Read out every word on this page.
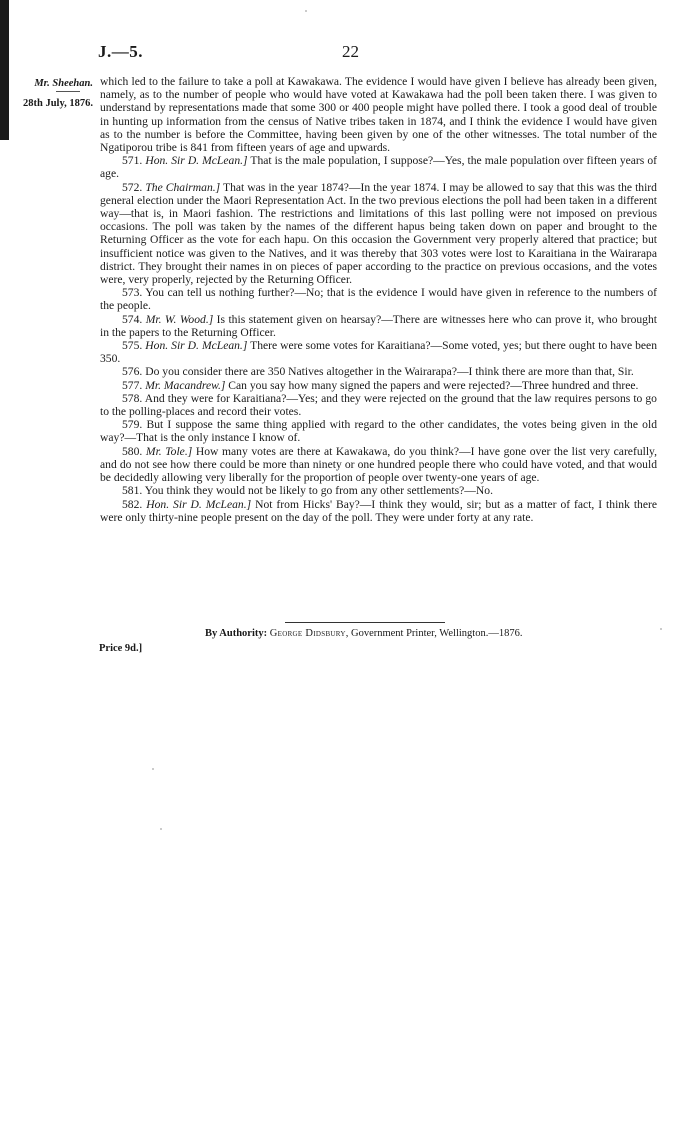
J.—5.	22
Mr. Sheehan.
28th July, 1876.

which led to the failure to take a poll at Kawakawa. The evidence I would have given I believe has already been given, namely, as to the number of people who would have voted at Kawakawa had the poll been taken there. I was given to understand by representations made that some 300 or 400 people might have polled there. I took a good deal of trouble in hunting up information from the census of Native tribes taken in 1874, and I think the evidence I would have given as to the number is before the Committee, having been given by one of the other witnesses. The total number of the Ngatiporou tribe is 841 from fifteen years of age and upwards.

571. Hon. Sir D. McLean.] That is the male population, I suppose?—Yes, the male population over fifteen years of age.

572. The Chairman.] That was in the year 1874?—In the year 1874. I may be allowed to say that this was the third general election under the Maori Representation Act. In the two previous elections the poll had been taken in a different way—that is, in Maori fashion. The restrictions and limitations of this last polling were not imposed on previous occasions. The poll was taken by the names of the different hapus being taken down on paper and brought to the Returning Officer as the vote for each hapu. On this occasion the Government very properly altered that practice; but insufficient notice was given to the Natives, and it was thereby that 303 votes were lost to Karaitiana in the Wairarapa district. They brought their names in on pieces of paper according to the practice on previous occasions, and the votes were, very properly, rejected by the Returning Officer.

573. You can tell us nothing further?—No; that is the evidence I would have given in reference to the numbers of the people.

574. Mr. W. Wood.] Is this statement given on hearsay?—There are witnesses here who can prove it, who brought in the papers to the Returning Officer.

575. Hon. Sir D. McLean.] There were some votes for Karaitiana?—Some voted, yes; but there ought to have been 350.

576. Do you consider there are 350 Natives altogether in the Wairarapa?—I think there are more than that, Sir.

577. Mr. Macandrew.] Can you say how many signed the papers and were rejected?—Three hundred and three.

578. And they were for Karaitiana?—Yes; and they were rejected on the ground that the law requires persons to go to the polling-places and record their votes.

579. But I suppose the same thing applied with regard to the other candidates, the votes being given in the old way?—That is the only instance I know of.

580. Mr. Tole.] How many votes are there at Kawakawa, do you think?—I have gone over the list very carefully, and do not see how there could be more than ninety or one hundred people there who could have voted, and that would be decidedly allowing very liberally for the proportion of people over twenty-one years of age.

581. You think they would not be likely to go from any other settlements?—No.

582. Hon. Sir D. McLean.] Not from Hicks' Bay?—I think they would, sir; but as a matter of fact, I think there were only thirty-nine people present on the day of the poll. They were under forty at any rate.

By Authority: George Didsbury, Government Printer, Wellington.—1876.
Price 9d.]
